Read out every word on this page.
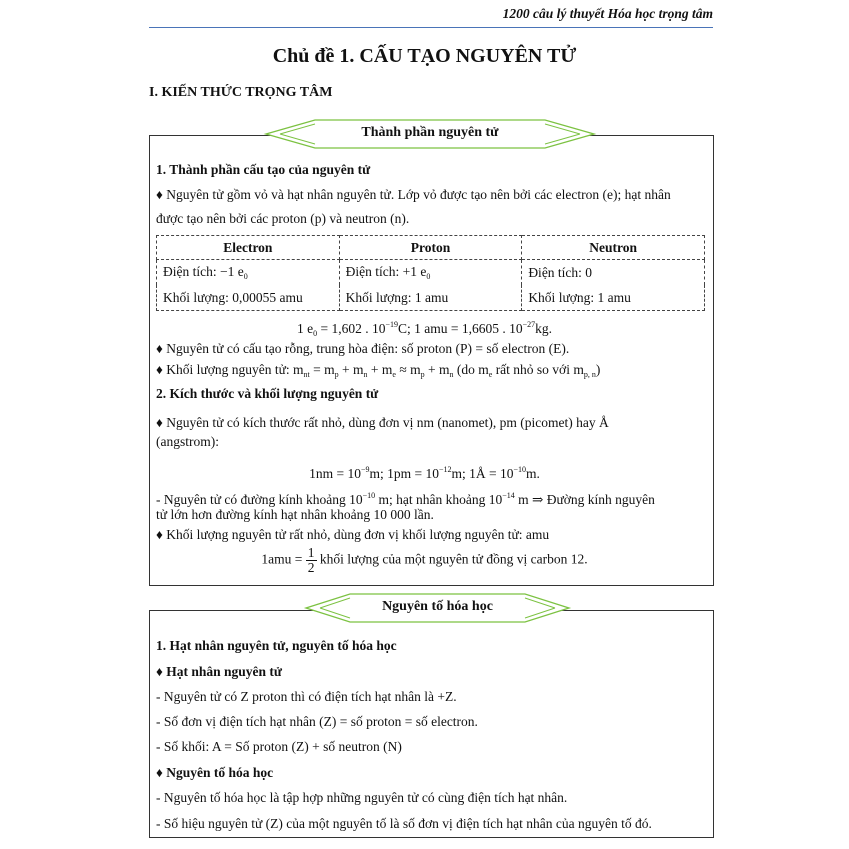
1200 câu lý thuyết Hóa học trọng tâm
Chủ đề 1. CẤU TẠO NGUYÊN TỬ
I. KIẾN THỨC TRỌNG TÂM
Thành phần nguyên tử
1. Thành phần cấu tạo của nguyên tử
♦ Nguyên tử gồm vỏ và hạt nhân nguyên tử. Lớp vỏ được tạo nên bởi các electron (e); hạt nhân
được tạo nên bởi các proton (p) và neutron (n).
Electron	Proton	Neutron
Điện tích: −1 $e_0$	Điện tích: +1 $e_0$	Điện tích: 0
Khối lượng: 0,00055 amu	Khối lượng: 1 amu	Khối lượng: 1 amu
1 $e_0 = 1,602$ . $10^{-19}C$; 1 amu = 1,6605 . $10^{-27}kg$.
♦ Nguyên tử có cấu tạo rỗng, trung hòa điện: số proton (P) = số electron (E).
♦ Khối lượng nguyên tử: $m_{nt} = m_p + m_n + m_e \approx m_p + m_n$ (do $m_e$ rất nhỏ so với $m_{p, n}$)
2. Kích thước và khối lượng nguyên tử
♦ Nguyên tử có kích thước rất nhỏ, dùng đơn vị nm (nanomet), pm (picomet) hay Å
(angstrom):
$1nm = 10^{-9}m$; $1pm = 10^{-12}m$; 1Å = $10^{-10}m$.
- Nguyên tử có đường kính khoảng $10^{-10}$ m; hạt nhân khoảng $10^{-14}$ m ⇒ Đường kính nguyên
tử lớn hơn đường kính hạt nhân khoảng 10 000 lần.
♦ Khối lượng nguyên tử rất nhỏ, dùng đơn vị khối lượng nguyên tử: amu
$1amu = \frac{1}{2}$ khối lượng của một nguyên tử đồng vị carbon 12.
Nguyên tố hóa học
1. Hạt nhân nguyên tử, nguyên tố hóa học
♦ Hạt nhân nguyên tử
- Nguyên tử có Z proton thì có điện tích hạt nhân là +Z.
- Số đơn vị điện tích hạt nhân (Z) = số proton = số electron.
- Số khối: A = Số proton (Z) + số neutron (N)
♦ Nguyên tố hóa học
- Nguyên tố hóa học là tập hợp những nguyên tử có cùng điện tích hạt nhân.
- Số hiệu nguyên tử (Z) của một nguyên tố là số đơn vị điện tích hạt nhân của nguyên tố đó.
